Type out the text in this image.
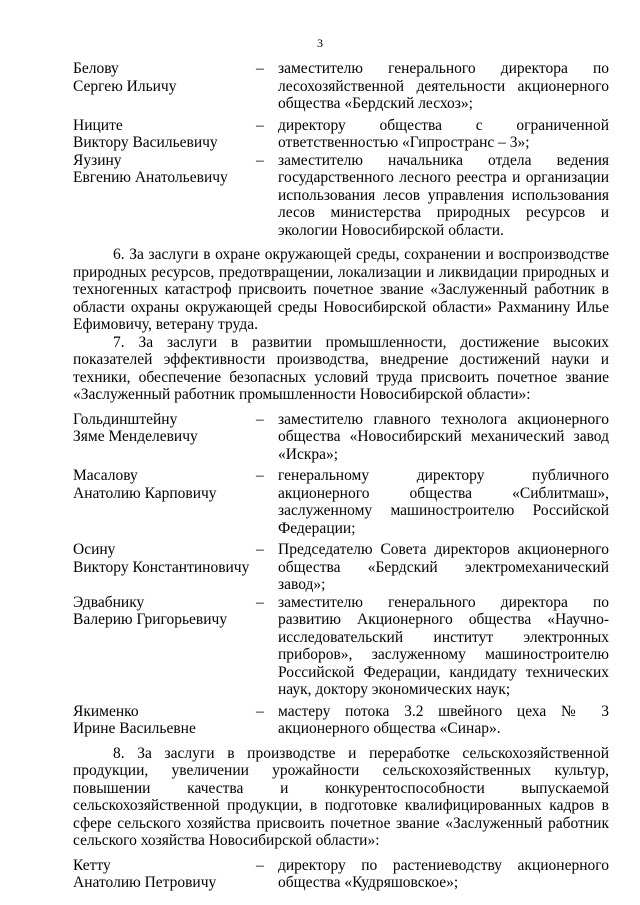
3
Белову
Сергею Ильичу
– заместителю генерального директора по лесохозяйственной деятельности акционерного общества «Бердский лесхоз»;
Ниците
Виктору Васильевичу
– директору общества с ограниченной ответственностью «Гипространс – 3»;
Яузину
Евгению Анатольевичу
– заместителю начальника отдела ведения государственного лесного реестра и организации использования лесов управления использования лесов министерства природных ресурсов и экологии Новосибирской области.

6. За заслуги в охране окружающей среды, сохранении и воспроизводстве природных ресурсов, предотвращении, локализации и ликвидации природных и техногенных катастроф присвоить почетное звание «Заслуженный работник в области охраны окружающей среды Новосибирской области» Рахманину Илье Ефимовичу, ветерану труда.

7. За заслуги в развитии промышленности, достижение высоких показателей эффективности производства, внедрение достижений науки и техники, обеспечение безопасных условий труда присвоить почетное звание «Заслуженный работник промышленности Новосибирской области»:

Гольдинштейну
Зяме Менделевичу
– заместителю главного технолога акционерного общества «Новосибирский механический завод «Искра»;
Масалову
Анатолию Карповичу
– генеральному директору публичного акционерного общества «Сиблитмаш», заслуженному машиностроителю Российской Федерации;
Осину
Виктору Константиновичу
– Председателю Совета директоров акционерного общества «Бердский электромеханический завод»;
Эдвабнику
Валерию Григорьевичу
– заместителю генерального директора по развитию Акционерного общества «Научно-исследовательский институт электронных приборов», заслуженному машиностроителю Российской Федерации, кандидату технических наук, доктору экономических наук;
Якименко
Ирине Васильевне
– мастеру потока 3.2 швейного цеха № 3 акционерного общества «Синар».

8. За заслуги в производстве и переработке сельскохозяйственной продукции, увеличении урожайности сельскохозяйственных культур, повышении качества и конкурентоспособности выпускаемой сельскохозяйственной продукции, в подготовке квалифицированных кадров в сфере сельского хозяйства присвоить почетное звание «Заслуженный работник сельского хозяйства Новосибирской области»:

Кетту
Анатолию Петровичу
– директору по растениеводству акционерного общества «Кудряшовское»;
